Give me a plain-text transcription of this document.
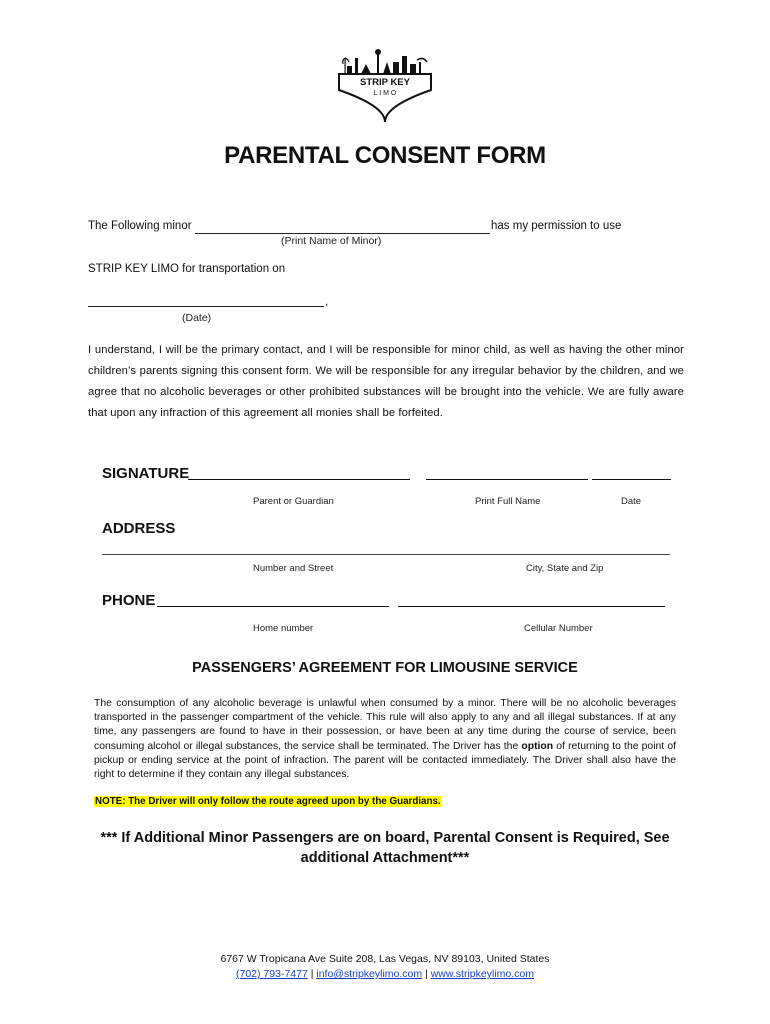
STRIP KEY
L I M O
PARENTAL CONSENT FORM
The Following minor	has my permission to use
(Print Name of Minor)
STRIP KEY LIMO for transportation on
,
(Date)
I understand, I will be the primary contact, and I will be responsible for minor child, as well as having the other minor children’s parents signing this consent form. We will be responsible for any irregular behavior by the children, and we agree that no alcoholic beverages or other prohibited substances will be brought into the vehicle. We are fully aware that upon any infraction of this agreement all monies shall be forfeited.
SIGNATURE
Parent or Guardian	Print Full Name	Date
ADDRESS
Number and Street	City, State and Zip
PHONE
Home number	Cellular Number
PASSENGERS’ AGREEMENT FOR LIMOUSINE SERVICE
The consumption of any alcoholic beverage is unlawful when consumed by a minor. There will be no alcoholic beverages transported in the passenger compartment of the vehicle. This rule will also apply to any and all illegal substances. If at any time, any passengers are found to have in their possession, or have been at any time during the course of service, been consuming alcohol or illegal substances, the service shall be terminated. The Driver has the option of returning to the point of pickup or ending service at the point of infraction. The parent will be contacted immediately. The Driver shall also have the right to determine if they contain any illegal substances.
NOTE: The Driver will only follow the route agreed upon by the Guardians.
*** If Additional Minor Passengers are on board, Parental Consent is Required, See additional Attachment***
6767 W Tropicana Ave Suite 208, Las Vegas, NV 89103, United States
(702) 793-7477 | info@stripkeylimo.com | www.stripkeylimo.com
